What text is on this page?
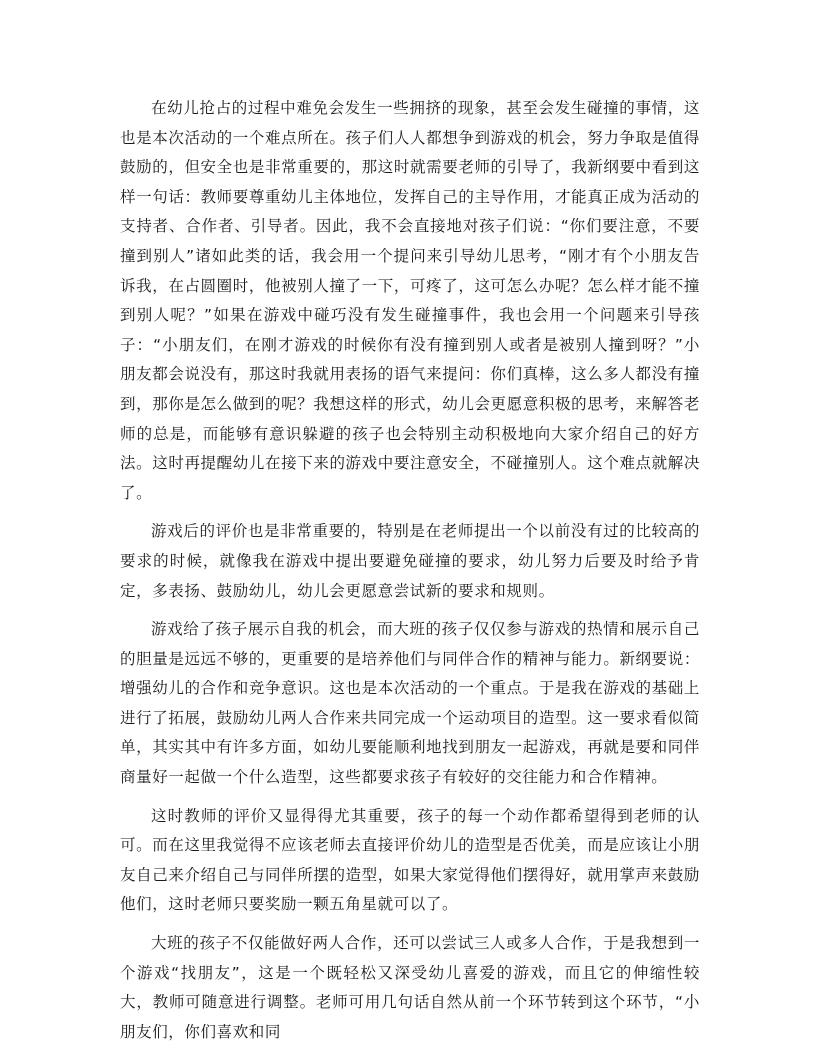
在幼儿抢占的过程中难免会发生一些拥挤的现象，甚至会发生碰撞的事情，这也是本次活动的一个难点所在。孩子们人人都想争到游戏的机会，努力争取是值得鼓励的，但安全也是非常重要的，那这时就需要老师的引导了，我新纲要中看到这样一句话：教师要尊重幼儿主体地位，发挥自己的主导作用，才能真正成为活动的支持者、合作者、引导者。因此，我不会直接地对孩子们说：“你们要注意，不要撞到别人”诸如此类的话，我会用一个提问来引导幼儿思考，“刚才有个小朋友告诉我，在占圆圈时，他被别人撞了一下，可疼了，这可怎么办呢？怎么样才能不撞到别人呢？”如果在游戏中碰巧没有发生碰撞事件，我也会用一个问题来引导孩子：“小朋友们，在刚才游戏的时候你有没有撞到别人或者是被别人撞到呀？”小朋友都会说没有，那这时我就用表扬的语气来提问：你们真棒，这么多人都没有撞到，那你是怎么做到的呢？我想这样的形式，幼儿会更愿意积极的思考，来解答老师的总是，而能够有意识躲避的孩子也会特别主动积极地向大家介绍自己的好方法。这时再提醒幼儿在接下来的游戏中要注意安全，不碰撞别人。这个难点就解决了。

游戏后的评价也是非常重要的，特别是在老师提出一个以前没有过的比较高的要求的时候，就像我在游戏中提出要避免碰撞的要求，幼儿努力后要及时给予肯定，多表扬、鼓励幼儿，幼儿会更愿意尝试新的要求和规则。

游戏给了孩子展示自我的机会，而大班的孩子仅仅参与游戏的热情和展示自己的胆量是远远不够的，更重要的是培养他们与同伴合作的精神与能力。新纲要说：增强幼儿的合作和竞争意识。这也是本次活动的一个重点。于是我在游戏的基础上进行了拓展，鼓励幼儿两人合作来共同完成一个运动项目的造型。这一要求看似简单，其实其中有许多方面，如幼儿要能顺利地找到朋友一起游戏，再就是要和同伴商量好一起做一个什么造型，这些都要求孩子有较好的交往能力和合作精神。

这时教师的评价又显得得尤其重要，孩子的每一个动作都希望得到老师的认可。而在这里我觉得不应该老师去直接评价幼儿的造型是否优美，而是应该让小朋友自己来介绍自己与同伴所摆的造型，如果大家觉得他们摆得好，就用掌声来鼓励他们，这时老师只要奖励一颗五角星就可以了。

大班的孩子不仅能做好两人合作，还可以尝试三人或多人合作，于是我想到一个游戏“找朋友”，这是一个既轻松又深受幼儿喜爱的游戏，而且它的伸缩性较大，教师可随意进行调整。老师可用几句话自然从前一个环节转到这个环节，“小朋友们，你们喜欢和同
